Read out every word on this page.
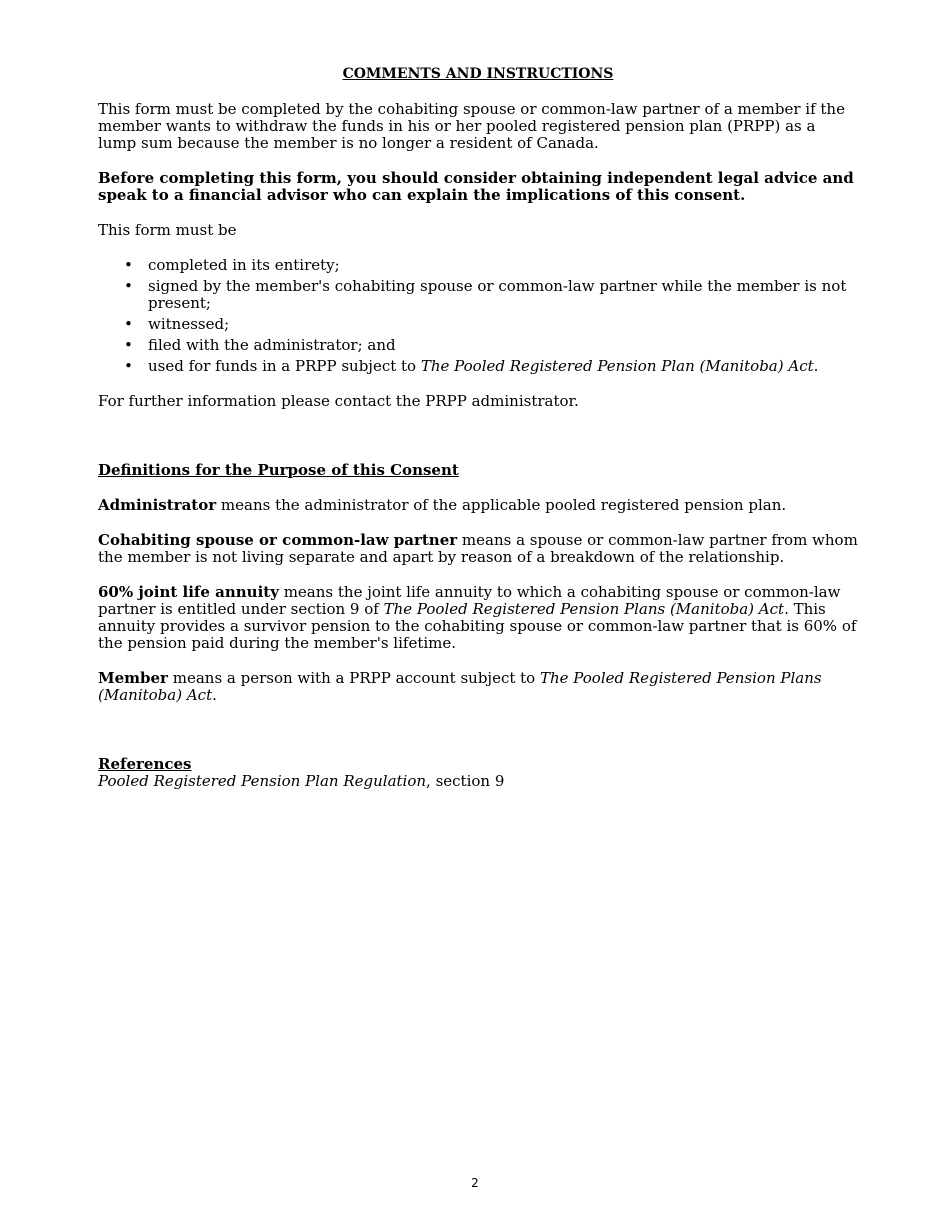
COMMENTS AND INSTRUCTIONS

This form must be completed by the cohabiting spouse or common-law partner of a member if the member wants to withdraw the funds in his or her pooled registered pension plan (PRPP) as a lump sum because the member is no longer a resident of Canada.

Before completing this form, you should consider obtaining independent legal advice and speak to a financial advisor who can explain the implications of this consent.

This form must be

• completed in its entirety;
• signed by the member's cohabiting spouse or common-law partner while the member is not present;
• witnessed;
• filed with the administrator; and
• used for funds in a PRPP subject to The Pooled Registered Pension Plan (Manitoba) Act.

For further information please contact the PRPP administrator.

Definitions for the Purpose of this Consent

Administrator means the administrator of the applicable pooled registered pension plan.

Cohabiting spouse or common-law partner means a spouse or common-law partner from whom the member is not living separate and apart by reason of a breakdown of the relationship.

60% joint life annuity means the joint life annuity to which a cohabiting spouse or common-law partner is entitled under section 9 of The Pooled Registered Pension Plans (Manitoba) Act. This annuity provides a survivor pension to the cohabiting spouse or common-law partner that is 60% of the pension paid during the member's lifetime.

Member means a person with a PRPP account subject to The Pooled Registered Pension Plans (Manitoba) Act.

References

Pooled Registered Pension Plan Regulation, section 9

2
